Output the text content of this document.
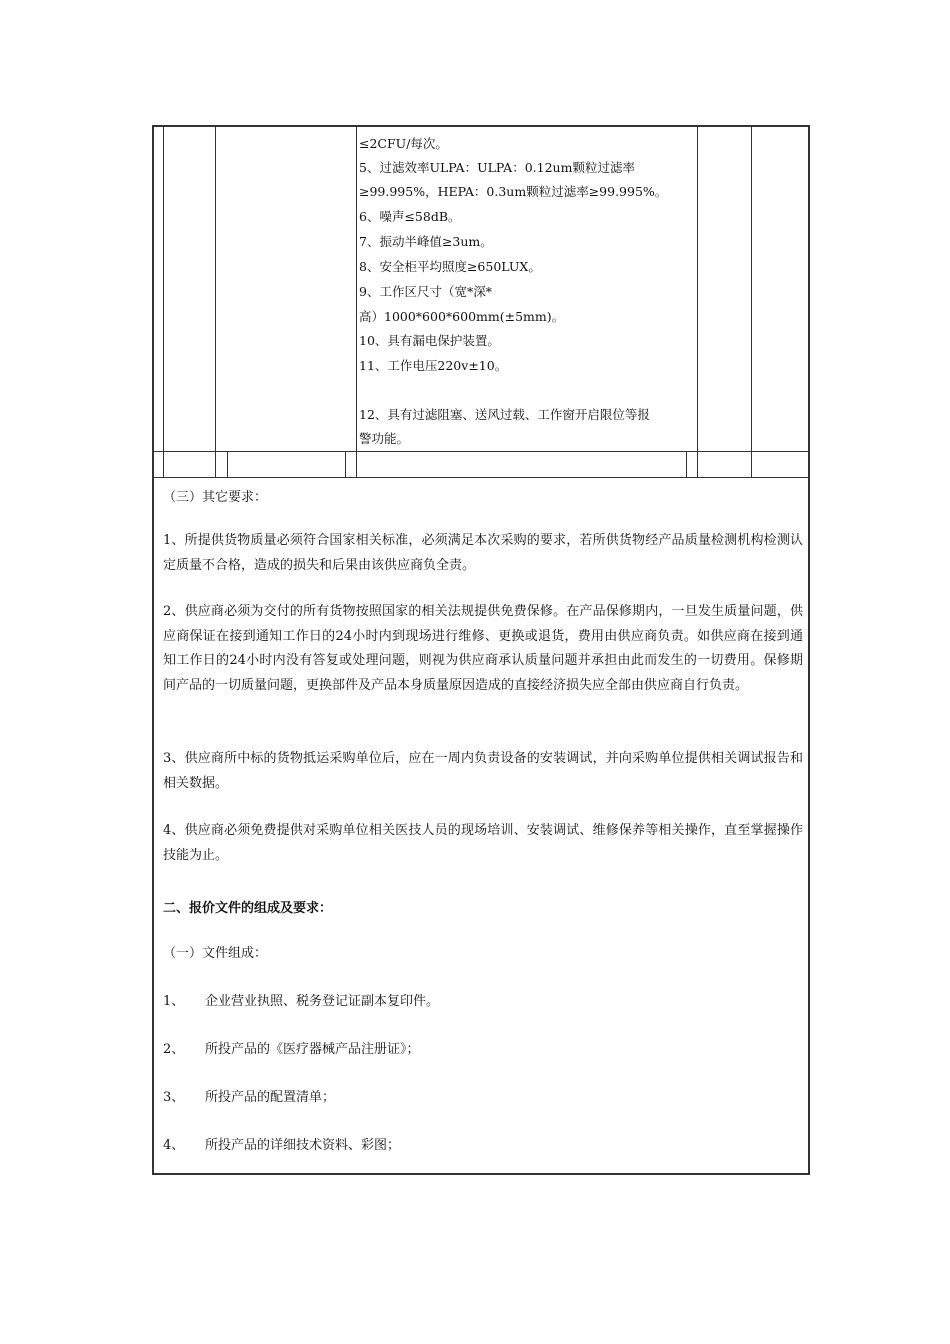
≤2CFU/每次。
5、过滤效率ULPA：ULPA：0.12um颗粒过滤率
≥99.995%，HEPA：0.3um颗粒过滤率≥99.995%。
6、噪声≤58dB。
7、振动半峰值≥3um。
8、安全柜平均照度≥650LUX。
9、工作区尺寸（宽*深*
高）1000*600*600mm(±5mm)。
10、具有漏电保护装置。
11、工作电压220v±10。
12、具有过滤阻塞、送风过载、工作窗开启限位等报
警功能。
（三）其它要求：
1、所提供货物质量必须符合国家相关标准，必须满足本次采购的要求，若所供货物经产品质量检测机构检测认定质量不合格，造成的损失和后果由该供应商负全责。
2、供应商必须为交付的所有货物按照国家的相关法规提供免费保修。在产品保修期内，一旦发生质量问题，供应商保证在接到通知工作日的24小时内到现场进行维修、更换或退货，费用由供应商负责。如供应商在接到通知工作日的24小时内没有答复或处理问题，则视为供应商承认质量问题并承担由此而发生的一切费用。保修期间产品的一切质量问题，更换部件及产品本身质量原因造成的直接经济损失应全部由供应商自行负责。
3、供应商所中标的货物抵运采购单位后，应在一周内负责设备的安装调试，并向采购单位提供相关调试报告和相关数据。
4、供应商必须免费提供对采购单位相关医技人员的现场培训、安装调试、维修保养等相关操作，直至掌握操作技能为止。
二、报价文件的组成及要求：
（一）文件组成：
1、 企业营业执照、税务登记证副本复印件。
2、 所投产品的《医疗器械产品注册证》；
3、 所投产品的配置清单；
4、 所投产品的详细技术资料、彩图；
